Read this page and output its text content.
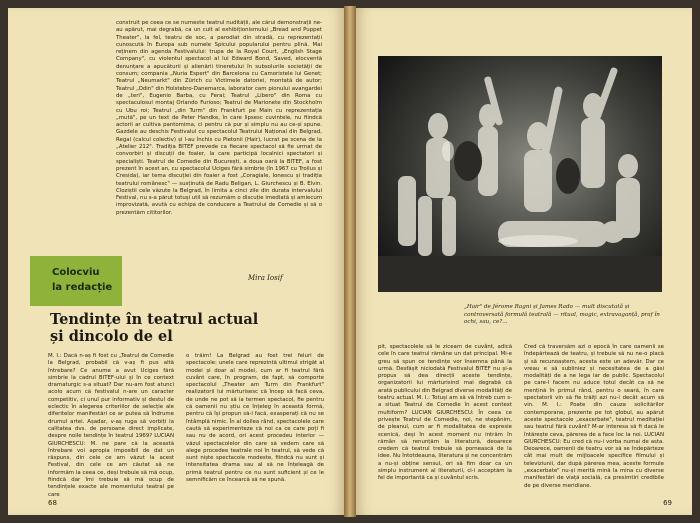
construit pe ceea ce se numeste teatrul nudității, ale cărui demonstrații ne-au apărut, mai degrabă, ca un cult al exhibiționismului „Bread and Puppet Theater", la fel, teatru de soc, a parodiat din stradă, cu reprezentații cunoscută în Europa sub numele Spicului popularului pentru plină. Mai reținem din agenda Festivalului: trupa de la Royal Court, „English Stage Company", cu violentul spectacol al lui Edward Bond, Saved, elocventă denunțare a apucăturii și alienării tineretului în subsolurile societății de consum; compania „Nuria Espert" din Barcelona cu Camoristele lui Genet; Teatrul „Neumarkt" din Zürich cu Victimele datoriei, montată de autor; Teatrul „Odin" din Holstebro-Danemarca, laborator cam pionului avangardei de „teri", Eugenio Barba, cu Ferai; Teatrul „Libero" din Roma cu spectaculosul montaj Orlando Furioso; Teatrul de Marionete din Stockholm cu Ubu roi; Teatrul „din Turm" din Frankfurt pe Main cu reprezentația „mută", pe un text de Peter Handke, în care lipsesc cuvintele, nu fiindcă actorii ar cultiva pantomima, ci pentru că pur și simplu nu au ce-și spune. Gazdele au deschis Festivalul cu spectacolul Teatrului Național din Belgrad, Regal (calcul colectiv) și l-au închis cu Pietonii (Hair), lucrat pe scena de la „Atelier 212". Tradiția BITEF prevede ca fiecare spectacol să fie urmat de convorbiri și discuții de foaier, la care participă localnici spectatori și specialiști. Teatrul de Comedie din București, a doua oară la BITEF, a fost prezent în acest an, cu spectacolul Uciges fără simbrie (în 1967 cu Troilus și Cresida), iar tema discuției din foaier a fost „Coragiale, Ionescu și tradiția teatrului românesc" — susținută de Radu Beligan, L. Giurchescu și B. Elvin. Cloziștii cele văzute la Belgrad, în limita a cinci zile din durata intervalului Festival, nu s-a părut totuși util să rezumăm o discuție imediată și amiecum improvizată, avută cu echipa de conducere a Teatrului de Comedie și să o prezentăm cititorilor.

Mira Iosif
Colocviu
la redacție
Tendințe în teatrul actual
și dincolo de el

M. I.: Dacă n-aș fi fost cu „Teatrul de Comedie la Belgrad, probabil că v-aș fi pus altă întrebare? Ce anume a avut Uciges fără simbrie la cadrul BITEF-ului și în ce context dramaturgic s-a situat? Dar nu-am fost atunci acolo acum că festivalul n-are un caracter competitiv, ci unul pur informativ și destul de eclectic în alegerea criteriilor de selecție ale diferitelor manifestări ce ar putea să îndrume drumul artei. Așadar, v-aș ruga să vorbiți la calitatea dvs. de persoane direct implicate, despre noile tendințe în teatrul 1969? LUCIAN GIURCHESCU: M. ne pare că la această întrebare voi apropia imposibil de dat un răspuns, din cele ce am văzut la acest Festival, din cele ce am căutat să ne informăm la ceea ce, deși trebuie să mă ocup, fiindcă dar îmi trebuie să mă ocup de tendințele exacte ale momentului teatral pe care

o trăim! La Belgrad au fost trei feluri de spectacole: unele care reprezintă ultimul strigăt al modei și doar al modei, cum ar fi teatrul fără cuvânt care, în program, de fapt, să comporte spectacolul „Theater am Turm din Frankfurt" realizatorii lui mărturisesc că încep să facă ceva, de unde ne pot să ia termen spectacol, fie pentru că oamenii nu știu ce înțeleg în această formă, pentru că își propun să-i facă, exasperați că nu se întâmplă nimic. În al doilea rând, spectacolele care caută să experimenteze că noi ca ce care poți fi sau nu de acord, ori acest procedeu interior — văzul spectacolelor din care să vedem care să alege procedee teatrale noi în teatrul, să vede că sunt niște spectacole modeste, fiindcă nu sunt și intensitatea drama sau al să ne înțeleagă de primă teatrul pentru ce nu sunt suficient și ce le semnificăm ce încearcă să ne spună.

68
„Hair" de Jérome Ragni și James Rado — mult discutată și controversată formulă teatrală — ritual, magic, extravaganță, praf în ochi, sau, ce?...

pit, spectacolele să le ziceam de cuvânt, adică cele în care teatrul rămâne un dat principal. Mi-e greu să spun ce tendințe vor însemna până la urmă. Desfășit niciodată Festivalul BITEF nu și-a propus să dea direcții aceste tendințe, organizatorii lui mărturisind mai degrabă că arată publicului din Belgrad diverse modalități de teatru actual. M. I.: Totuși am să vă întreb cum s-a situat Teatrul de Comedie în acest context multiform? LUCIAN GIURCHESCU: În ceea ce privește Teatrul de Comedie, noi, ne stepânim, de pleanul, cum ar fi modalitatea de expresie scenică, deși în acest moment nu intrăm în rămân să renunțăm la literatură, deoarece credem că teatrul trebuie să pornească de la idee. Nu întotdeauna, literatura și ne concentrăm a nu-și obține sensul, ori să fim doar ca un simplu instrument al literaturii, ci-i acceptăm la fel de importantă ca și cuvântul scris.

Cred că traversăm azi o epocă în care oamenii se îndepărtează de teatru, și trebuie să nu ne-o placă și să recunoaștem, acesta este un adevăr. Dar ce vreau e să subliniez și necesitatea de a găsi modalități de a ne lega iar de public. Spectacolul pe care-l facem nu aduce totul decât ca să ne mențină în primul rând, pentru o seară, în care spectatorii vin să fie trăiți azi nu-i decât acum să vin. M. I.: Poate din cauza solicitărilor contemporane, prezente pe tot globul, au apărut aceste spectacole „exacerbate", teatrul meditației sau teatrul fără cuvânt? M-ar interesa să fi dacă le întărește ceva, părerea de a face loc la noi. LUCIAN GIURCHESCU: Eu cred că nu-i vorba numai de asta. Deoarece, oamenii de teatru vor să se îndepărteze cât mai mult de mijloacele specifice filmului și televiziunii, dar după părerea mea, aceste formule „exacerbate" nu-și merită mină la mina cu diverse manifestări de viață socială, ca presimtiri credibile de pe diverse meridiane.

69
